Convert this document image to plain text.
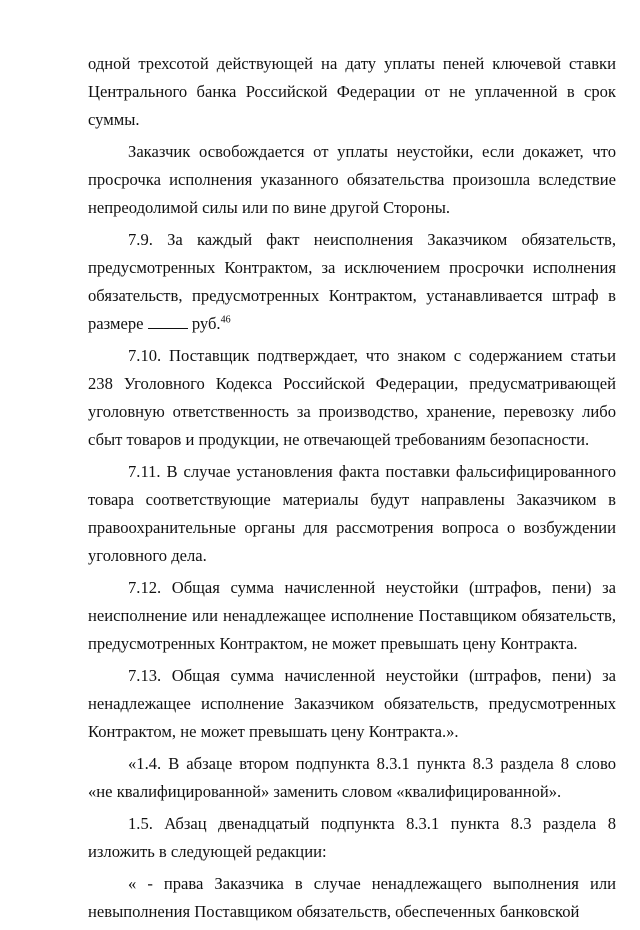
одной трехсотой действующей на дату уплаты пеней ключевой ставки Центрального банка Российской Федерации от не уплаченной в срок суммы.

Заказчик освобождается от уплаты неустойки, если докажет, что просрочка исполнения указанного обязательства произошла вследствие непреодолимой силы или по вине другой Стороны.

7.9. За каждый факт неисполнения Заказчиком обязательств, предусмотренных Контрактом, за исключением просрочки исполнения обязательств, предусмотренных Контрактом, устанавливается штраф в размере  руб.$^{46}$

7.10. Поставщик подтверждает, что знаком с содержанием статьи 238 Уголовного Кодекса Российской Федерации, предусматривающей уголовную ответственность за производство, хранение, перевозку либо сбыт товаров и продукции, не отвечающей требованиям безопасности.

7.11. В случае установления факта поставки фальсифицированного товара соответствующие материалы будут направлены Заказчиком в правоохранительные органы для рассмотрения вопроса о возбуждении уголовного дела.

7.12. Общая сумма начисленной неустойки (штрафов, пени) за неисполнение или ненадлежащее исполнение Поставщиком обязательств, предусмотренных Контрактом, не может превышать цену Контракта.

7.13. Общая сумма начисленной неустойки (штрафов, пени) за ненадлежащее исполнение Заказчиком обязательств, предусмотренных Контрактом, не может превышать цену Контракта.».

«1.4. В абзаце втором подпункта 8.3.1 пункта 8.3 раздела 8 слово «не квалифицированной» заменить словом «квалифицированной».

1.5. Абзац двенадцатый подпункта 8.3.1 пункта 8.3 раздела 8 изложить в следующей редакции:

« - права Заказчика в случае ненадлежащего выполнения или невыполнения Поставщиком обязательств, обеспеченных банковской
